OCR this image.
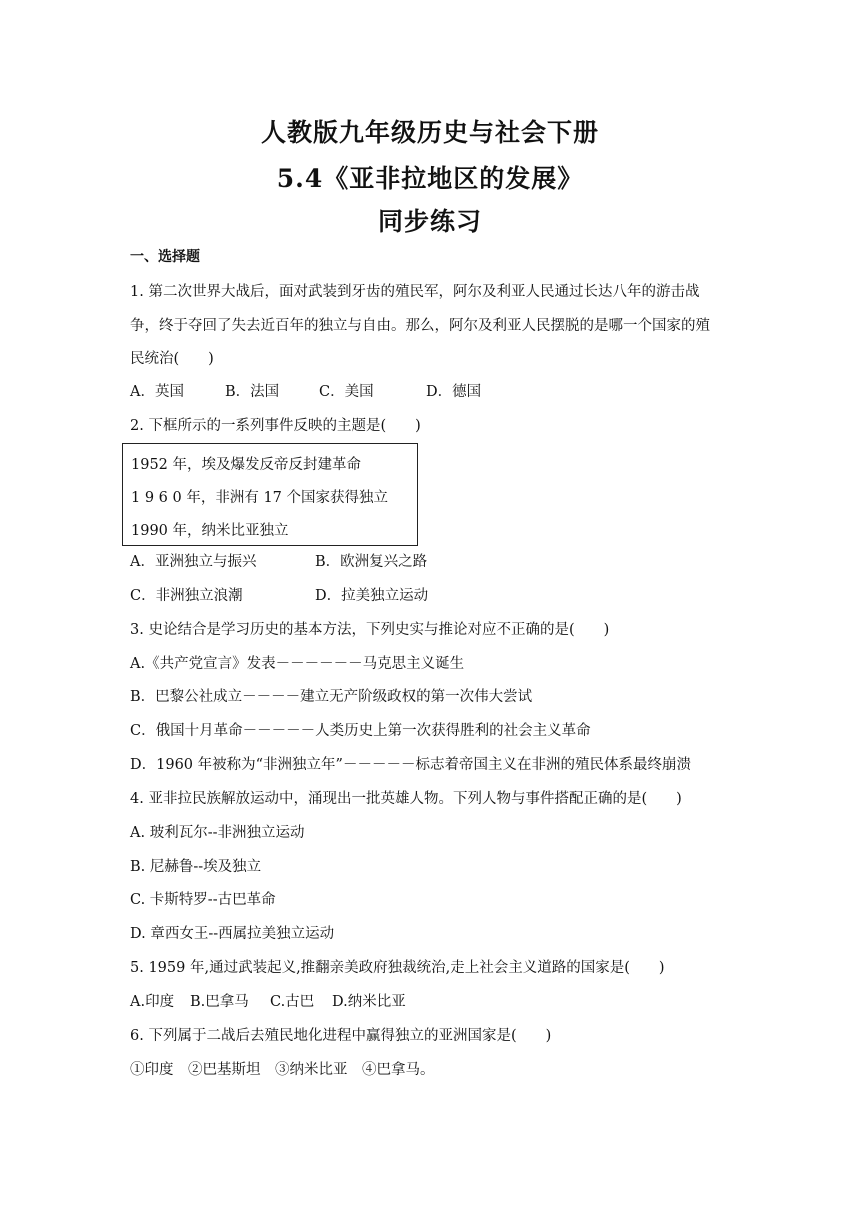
人教版九年级历史与社会下册
5.4《亚非拉地区的发展》
同步练习
一、选择题
1. 第二次世界大战后，面对武装到牙齿的殖民军，阿尔及利亚人民通过长达八年的游击战
争，终于夺回了失去近百年的独立与自由。那么，阿尔及利亚人民摆脱的是哪一个国家的殖
民统治(　　)
A．英国	B．法国	C．美国	D．德国
2. 下框所示的一系列事件反映的主题是(　　)
1952 年，埃及爆发反帝反封建革命
1 9 6 0 年，非洲有 17 个国家获得独立
1990 年，纳米比亚独立
A．亚洲独立与振兴	B．欧洲复兴之路
C．非洲独立浪潮	D．拉美独立运动
3. 史论结合是学习历史的基本方法，下列史实与推论对应不正确的是(　　)
A.《共产党宣言》发表－－－－－－马克思主义诞生
B．巴黎公社成立－－－－建立无产阶级政权的第一次伟大尝试
C．俄国十月革命－－－－－人类历史上第一次获得胜利的社会主义革命
D．1960 年被称为“非洲独立年”－－－－－标志着帝国主义在非洲的殖民体系最终崩溃
4. 亚非拉民族解放运动中，涌现出一批英雄人物。下列人物与事件搭配正确的是(　　)
A. 玻利瓦尔--非洲独立运动
B. 尼赫鲁--埃及独立
C. 卡斯特罗--古巴革命
D. 章西女王--西属拉美独立运动
5. 1959 年,通过武装起义,推翻亲美政府独裁统治,走上社会主义道路的国家是(　　)
A.印度 B.巴拿马 C.古巴 D.纳米比亚
6. 下列属于二战后去殖民地化进程中赢得独立的亚洲国家是(　　)
①印度　②巴基斯坦　③纳米比亚　④巴拿马。
